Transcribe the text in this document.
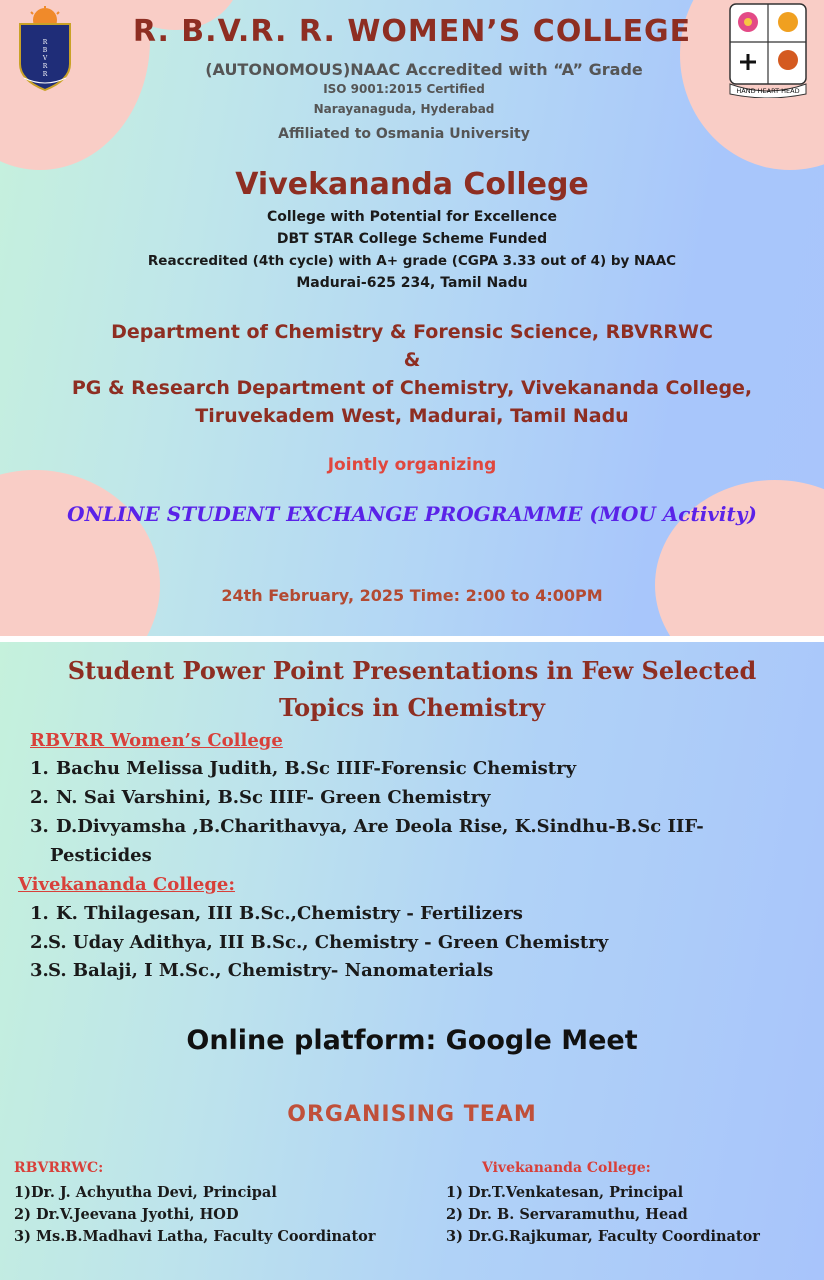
R
B
V
R
R
HAND HEART HEAD
R. B.V.R. R. WOMEN’S COLLEGE
(AUTONOMOUS)NAAC Accredited with “A” Grade
ISO 9001:2015 Certified
Narayanaguda, Hyderabad
Affiliated to Osmania University
Vivekananda College
College with Potential for Excellence
DBT STAR College Scheme Funded
Reaccredited (4th cycle) with A+ grade (CGPA 3.33 out of 4) by NAAC
Madurai-625 234, Tamil Nadu
Department of Chemistry & Forensic Science, RBVRRWC
&
PG & Research Department of Chemistry, Vivekananda College,
Tiruvekadem West, Madurai, Tamil Nadu
Jointly organizing
ONLINE STUDENT EXCHANGE PROGRAMME (MOU Activity)
24th February, 2025 Time: 2:00 to 4:00PM
Student Power Point Presentations in Few Selected
Topics in Chemistry
RBVRR Women’s College
1. Bachu Melissa Judith, B.Sc IIIF-Forensic Chemistry
2. N. Sai Varshini, B.Sc IIIF- Green Chemistry
3. D.Divyamsha ,B.Charithavya, Are Deola Rise, K.Sindhu-B.Sc IIF-
Pesticides
Vivekananda College:
1. K. Thilagesan, III B.Sc.,Chemistry - Fertilizers
2.S. Uday Adithya, III B.Sc., Chemistry - Green Chemistry
3.S. Balaji, I M.Sc., Chemistry- Nanomaterials
Online platform: Google Meet
ORGANISING TEAM
RBVRRWC:
1)Dr. J. Achyutha Devi, Principal
2) Dr.V.Jeevana Jyothi, HOD
3) Ms.B.Madhavi Latha, Faculty Coordinator
Vivekananda College:
1) Dr.T.Venkatesan, Principal
2) Dr. B. Servaramuthu, Head
3) Dr.G.Rajkumar, Faculty Coordinator
